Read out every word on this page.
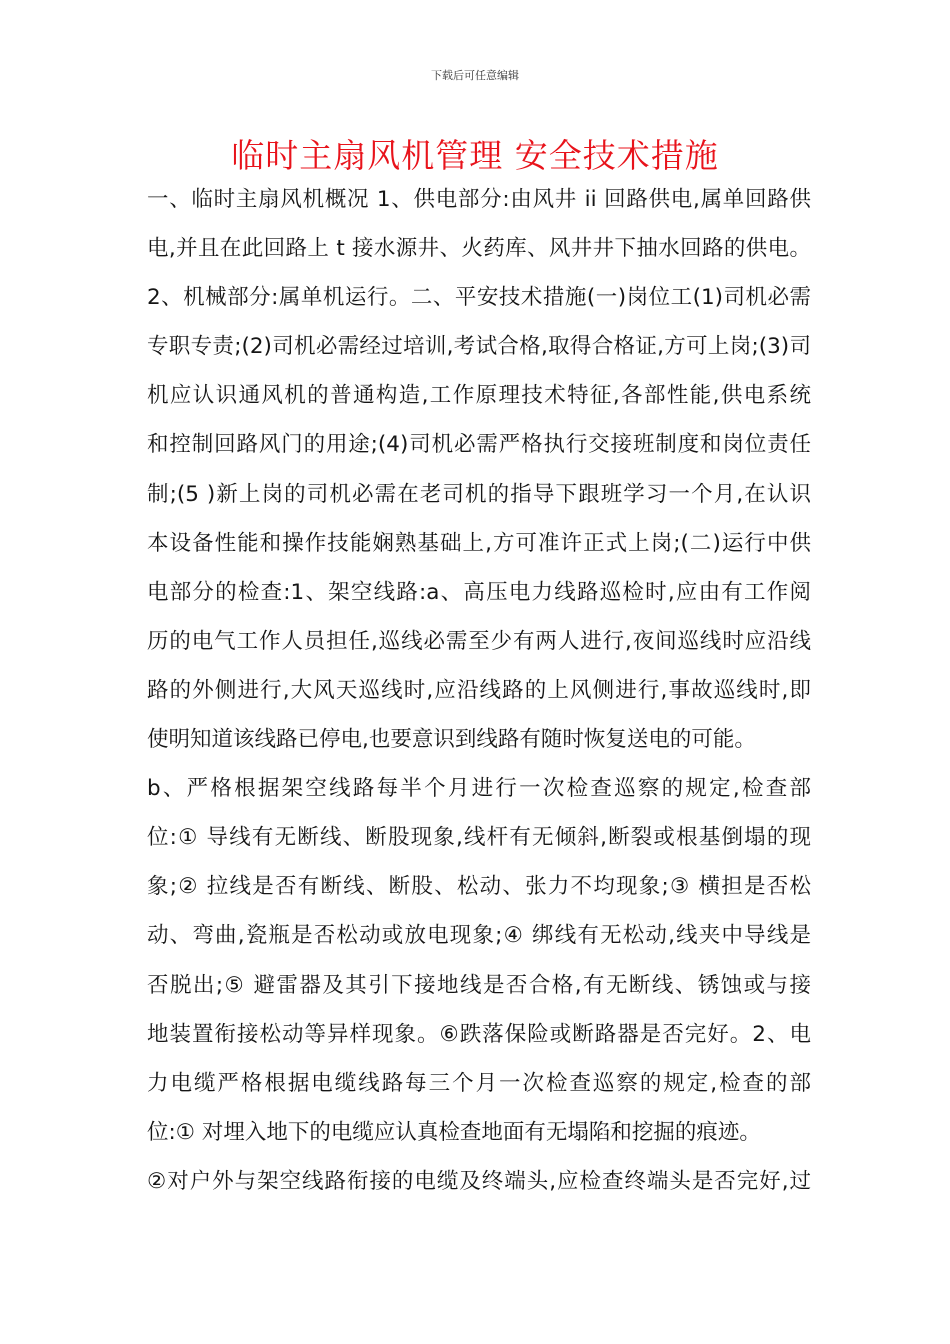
下载后可任意编辑
临时主扇风机管理 安全技术措施
一、临时主扇风机概况 1、供电部分:由风井 ii 回路供电,属单回路供
电,并且在此回路上 t 接水源井、火药库、风井井下抽水回路的供电。
2、机械部分:属单机运行。二、平安技术措施(一)岗位工(1)司机必需
专职专责;(2)司机必需经过培训,考试合格,取得合格证,方可上岗;(3)司
机应认识通风机的普通构造,工作原理技术特征,各部性能,供电系统
和控制回路风门的用途;(4)司机必需严格执行交接班制度和岗位责任
制;(5 )新上岗的司机必需在老司机的指导下跟班学习一个月,在认识
本设备性能和操作技能娴熟基础上,方可准许正式上岗;(二)运行中供
电部分的检查:1、架空线路:a、高压电力线路巡检时,应由有工作阅
历的电气工作人员担任,巡线必需至少有两人进行,夜间巡线时应沿线
路的外侧进行,大风天巡线时,应沿线路的上风侧进行,事故巡线时,即
使明知道该线路已停电,也要意识到线路有随时恢复送电的可能。
b、严格根据架空线路每半个月进行一次检查巡察的规定,检查部
位:① 导线有无断线、断股现象,线杆有无倾斜,断裂或根基倒塌的现
象;② 拉线是否有断线、断股、松动、张力不均现象;③ 横担是否松
动、弯曲,瓷瓶是否松动或放电现象;④ 绑线有无松动,线夹中导线是
否脱出;⑤ 避雷器及其引下接地线是否合格,有无断线、锈蚀或与接
地装置衔接松动等异样现象。⑥跌落保险或断路器是否完好。2、电
力电缆严格根据电缆线路每三个月一次检查巡察的规定,检查的部
位:① 对埋入地下的电缆应认真检查地面有无塌陷和挖掘的痕迹。
②对户外与架空线路衔接的电缆及终端头,应检查终端头是否完好,过
